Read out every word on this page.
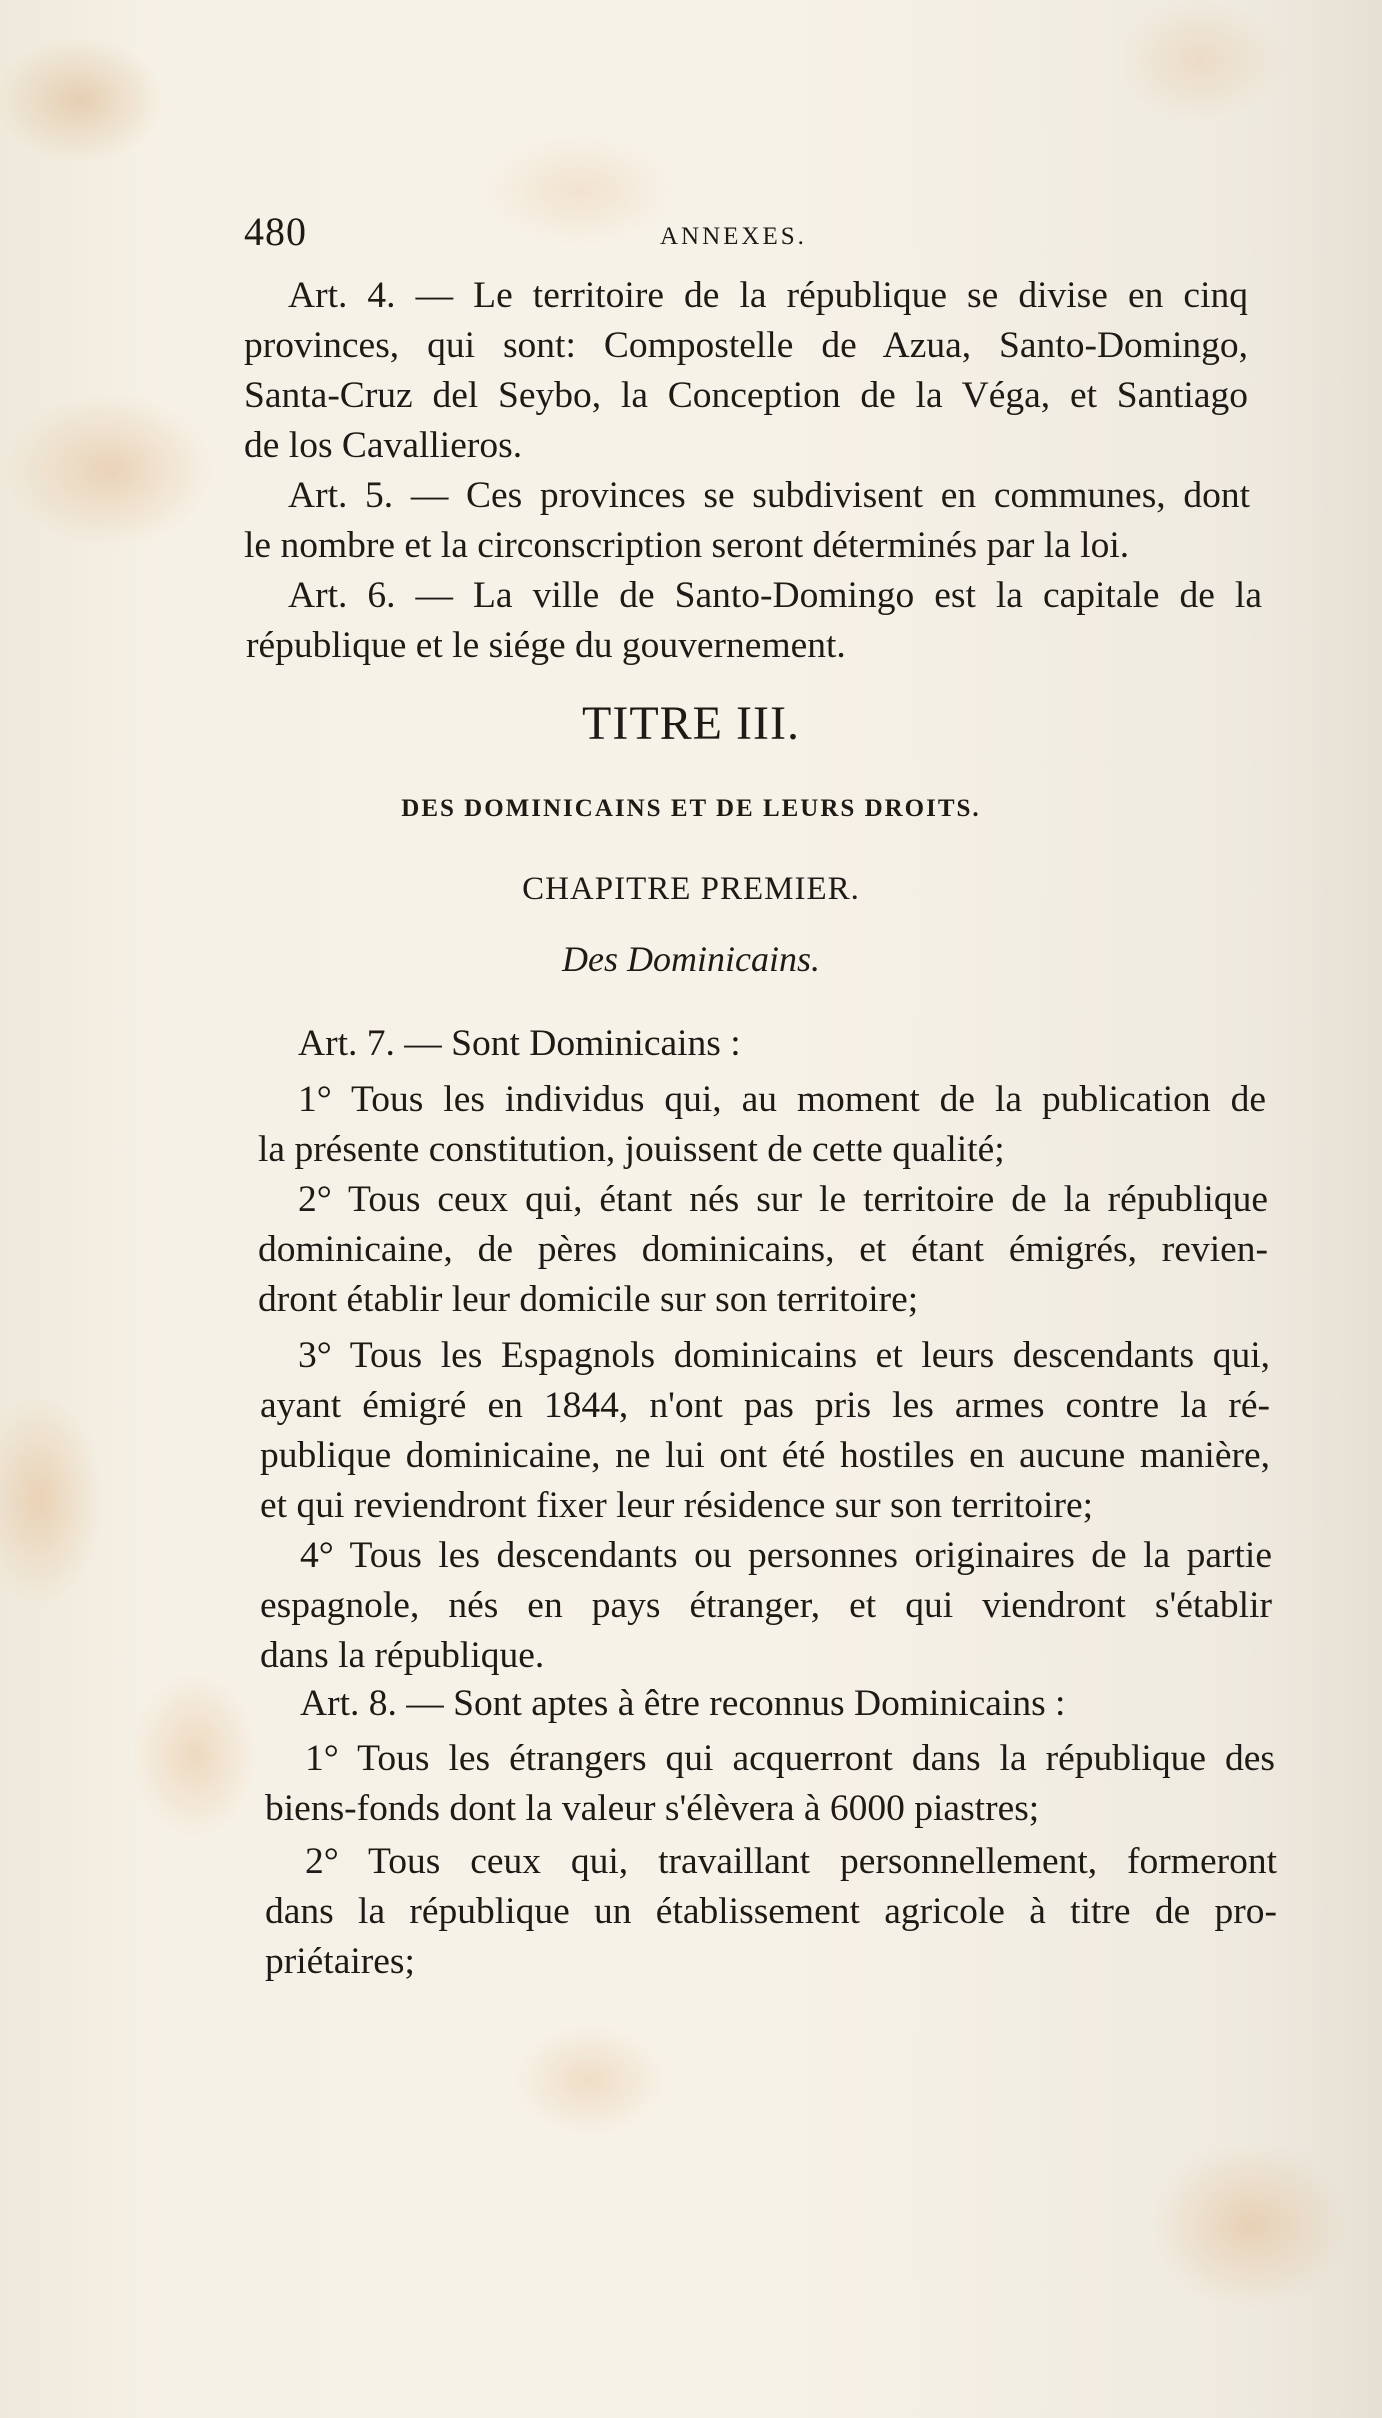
480	ANNEXES.
Art. 4. — Le territoire de la république se divise en cinq
provinces, qui sont: Compostelle de Azua, Santo-Domingo,
Santa-Cruz del Seybo, la Conception de la Véga, et Santiago
de los Cavallieros.
Art. 5. — Ces provinces se subdivisent en communes, dont
le nombre et la circonscription seront déterminés par la loi.
Art. 6. — La ville de Santo-Domingo est la capitale de la
république et le siége du gouvernement.
TITRE III.
DES DOMINICAINS ET DE LEURS DROITS.
CHAPITRE PREMIER.
Des Dominicains.
Art. 7. — Sont Dominicains :
1° Tous les individus qui, au moment de la publication de
la présente constitution, jouissent de cette qualité;
2° Tous ceux qui, étant nés sur le territoire de la république
dominicaine, de pères dominicains, et étant émigrés, revien-
dront établir leur domicile sur son territoire;
3° Tous les Espagnols dominicains et leurs descendants qui,
ayant émigré en 1844, n'ont pas pris les armes contre la ré-
publique dominicaine, ne lui ont été hostiles en aucune manière,
et qui reviendront fixer leur résidence sur son territoire;
4° Tous les descendants ou personnes originaires de la partie
espagnole, nés en pays étranger, et qui viendront s'établir
dans la république.
Art. 8. — Sont aptes à être reconnus Dominicains :
1° Tous les étrangers qui acquerront dans la république des
biens-fonds dont la valeur s'élèvera à 6000 piastres;
2° Tous ceux qui, travaillant personnellement, formeront
dans la république un établissement agricole à titre de pro-
priétaires;
